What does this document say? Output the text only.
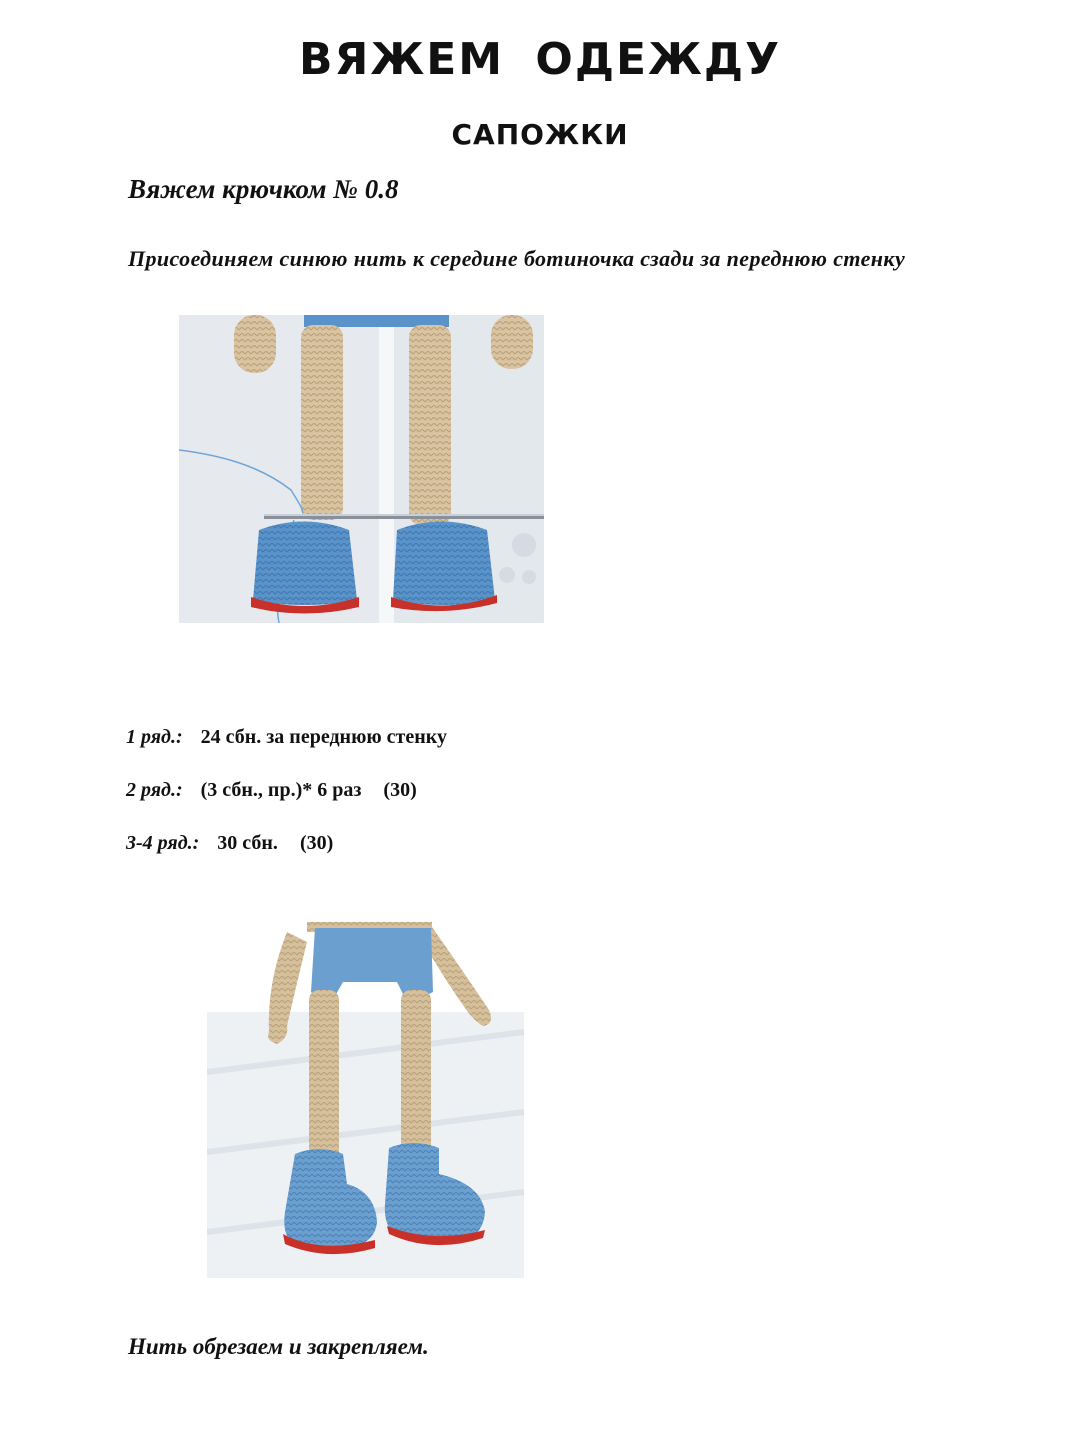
ВЯЖЕМ ОДЕЖДУ
САПОЖКИ
Вяжем крючком № 0.8
Присоединяем синюю нить к середине ботиночка сзади за переднюю стенку
1 ряд.: 24 сбн. за переднюю стенку
2 ряд.: (3 сбн., пр.)* 6 раз (30)
3-4 ряд.: 30 сбн. (30)
Нить обрезаем и закрепляем.
